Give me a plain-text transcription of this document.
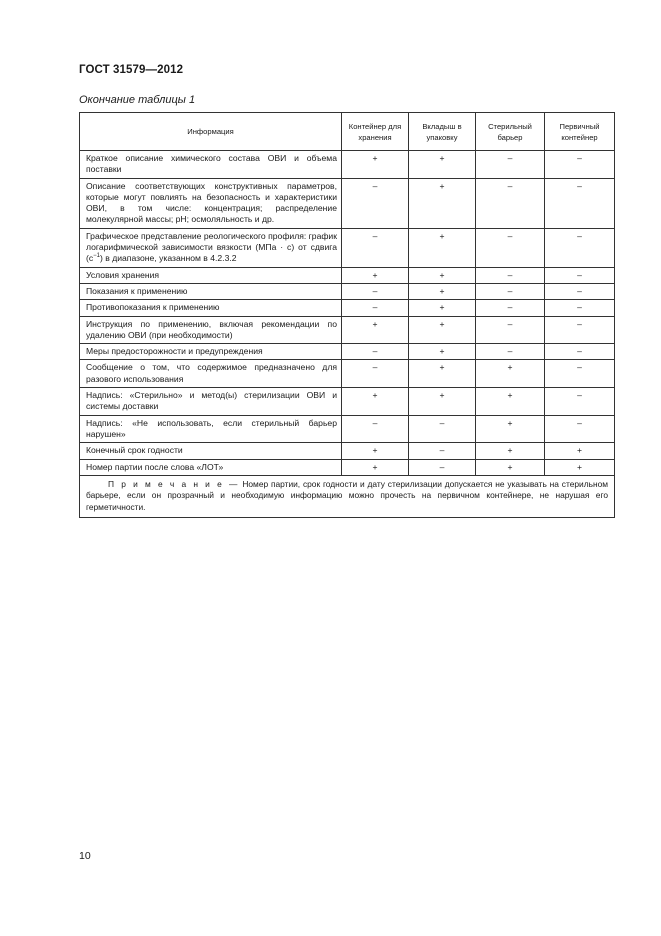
ГОСТ 31579—2012
Окончание таблицы 1
Информация	Контейнер для хранения	Вкладыш в упаковку	Стерильный барьер	Первичный контейнер
Краткое описание химического состава ОВИ и объема поставки	+	+	–	–
Описание соответствующих конструктивных параметров, которые могут повлиять на безопасность и характеристики ОВИ, в том числе: концентрация; распределение молекулярной массы; pH; осмоляльность и др.	–	+	–	–
Графическое представление реологического профиля: график логарифмической зависимости вязкости (МПа · с) от сдвига $(с^{-1})$ в диапазоне, указанном в 4.2.3.2	–	+	–	–
Условия хранения	+	+	–	–
Показания к применению	–	+	–	–
Противопоказания к применению	–	+	–	–
Инструкция по применению, включая рекомендации по удалению ОВИ (при необходимости)	+	+	–	–
Меры предосторожности и предупреждения	–	+	–	–
Сообщение о том, что содержимое предназначено для разового использования	–	+	+	–
Надпись: «Стерильно» и метод(ы) стерилизации ОВИ и системы доставки	+	+	+	–
Надпись: «Не использовать, если стерильный барьер нарушен»	–	–	+	–
Конечный срок годности	+	–	+	+
Номер партии после слова «ЛОТ»	+	–	+	+
П р и м е ч а н и е — Номер партии, срок годности и дату стерилизации допускается не указывать на стерильном барьере, если он прозрачный и необходимую информацию можно прочесть на первичном контейнере, не нарушая его герметичности.				
10
